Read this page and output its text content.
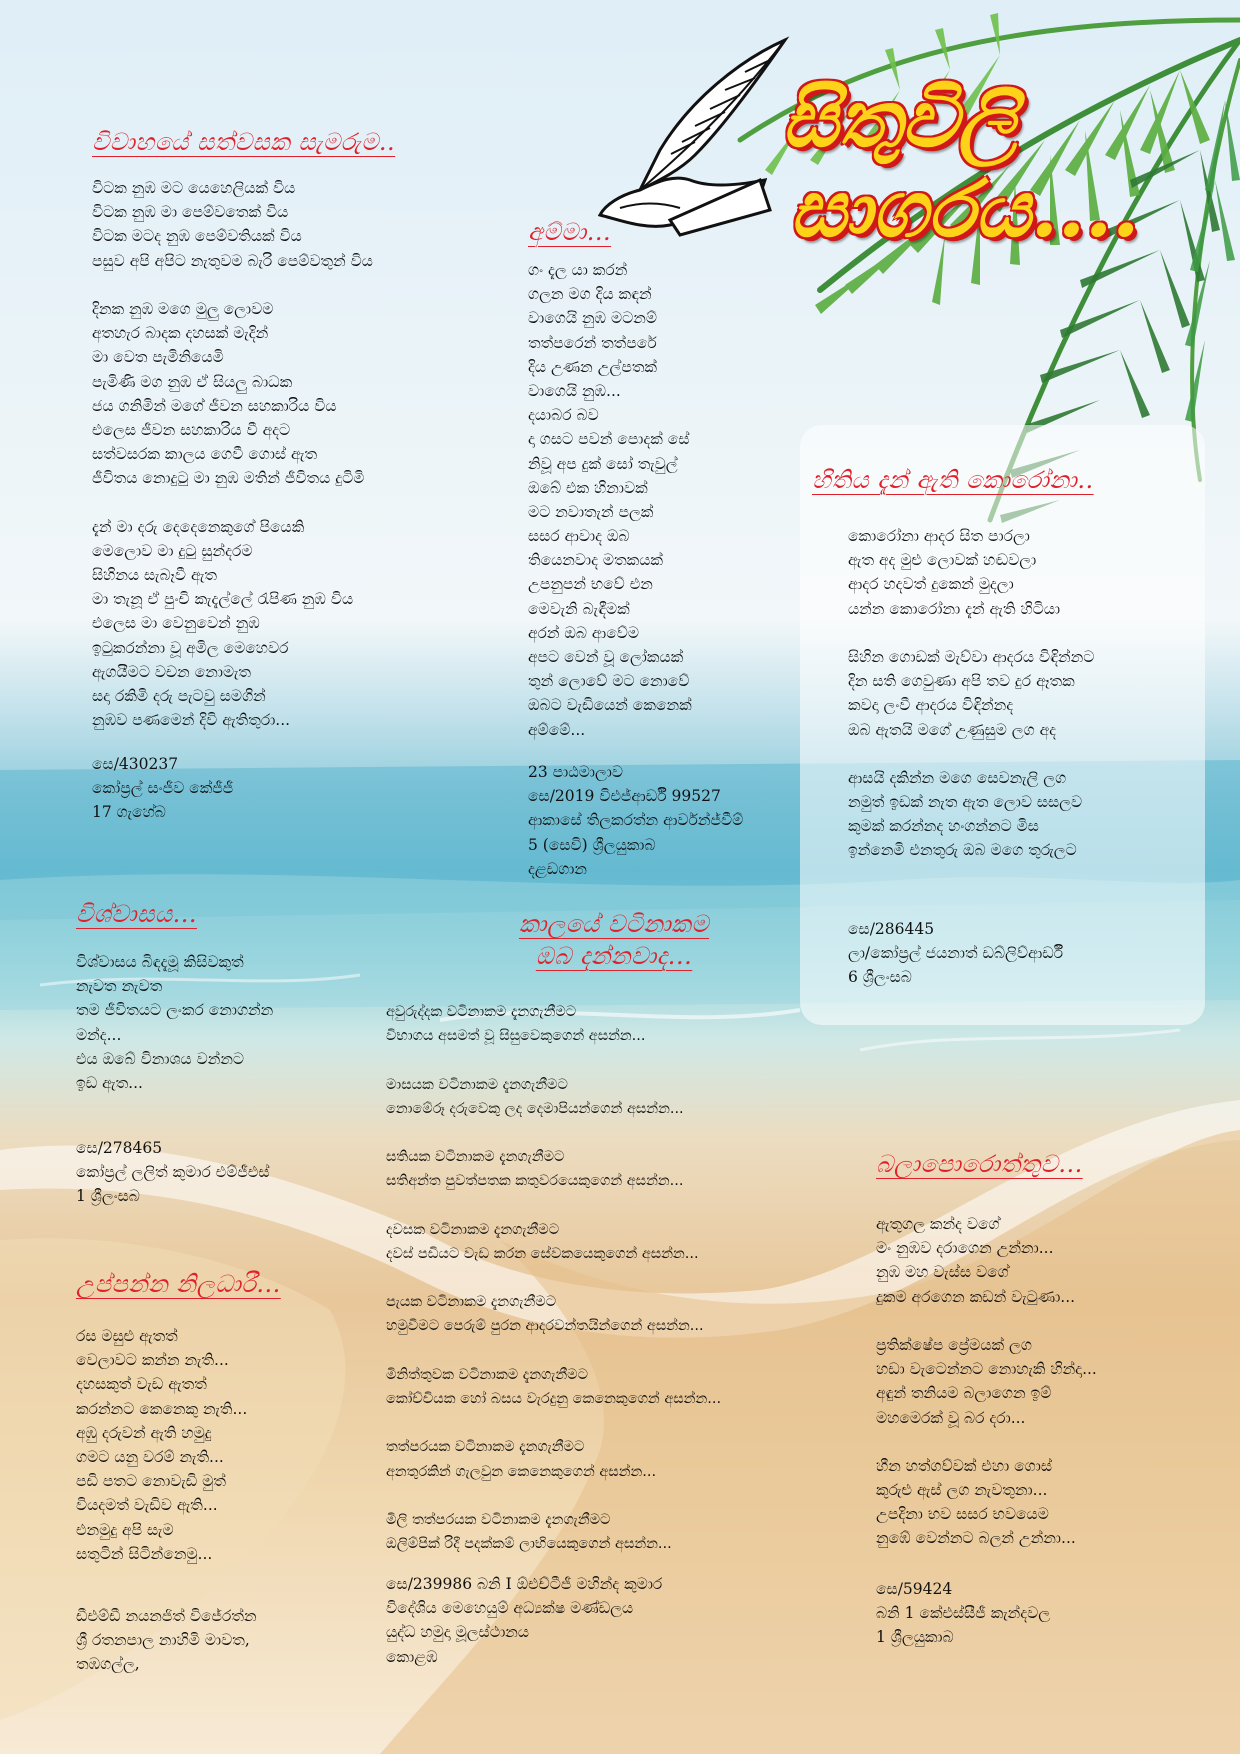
සිතුවිලි
සාගරය....
විවාහයේ සත්වසක සැමරුම..
විටක නුඹ මට යෙහෙලියක් විය
විටක නුඹ මා පෙම්වතෙක් විය
විටක මටද නුඹ පෙම්වතියක් විය
පසුව අපි අපිට නැතුවම බැරි පෙම්වතුන් විය
දිනක නුඹ මගෙ මුලු ලොවම
අතහැර බාදක දහසක් මැදින්
මා වෙත පැමිනියෙමි
පැමිණි මග නුඹ ඒ සියලු බාධක
ජය ගනිමින් මගේ ජීවන සහකාරිය විය
එලෙස ජීවන සහකාරිය වී අදට
සත්වසරක කාලය ගෙවී ගොස් ඇත
ජීවිතය නොදුටු මා නුඹ මතින් ජීවිතය දුටිමි
දැන් මා දරු දෙදෙනෙකුගේ පියෙකි
මෙලොව මා දුටු සුන්දරම
සිහිනය සැබෑවී ඇත
මා තැනූ ඒ පුංචි කැදැල්ලේ රැපිණ නුඹ විය
එලෙස මා වෙනුවෙන් නුඹ
ඉටුකරන්නා වූ අමිල මෙහෙවර
ඇගයීමට වචන නොමැත
සදා රකිමි දරු පැටවු සමගින්
නුඹව පණමෙන් දිවි ඇතිතුරා...
සෙ/430237
කෝප්‍රල් සංජීව කේජීජී
17 ගැහේබ
අම්මා...
ගං දැල යා කරන්
ගලන මග දිය කඳන්
වාගෙයි නුඹ මටනම්
තත්පරෙන් තත්පරේ
දිය උණන උල්පතක්
වාගෙයි නුඹ...
දයාබර බව
දා ගසට පවන් පොදක් සේ
නිවූ අප දුක් සෝ තැවුල්
ඔබේ එක හිනාවක්
මට නවාතැන් පලක්
සසර ආවාද ඔබ
තියෙනවාද මතකයක්
උපනුපන් භවේ එන
මෙවැනි බැඳීමක්
අරන් ඔබ ආවේම
අපට වෙන් වූ ලෝකයක්
තුන් ලොවේ මට නොවේ
ඔබට වැඩියෙන් කෙනෙක්
අම්මේ...
23 පාඨමාලාව
සෙ/2019 විඑජ්ආර්ඩී 99527
ආකාසේ තිලකරත්න ආර්වන්ජ්වීම්
5 (සෙවි) ශ්‍රීලයුකාබ
දළඩගාන
හිතිය දැන් ඇති කොරෝනා..
කොරෝනා ආදර සිත පාරලා
ඇත අද මුළු ලොවක් හඬවලා
ආදර හදවත් දුකෙන් මුදලා
යන්න කොරෝනා දැන් ඇති හිටියා
සිහින ගොඩක් මැව්වා ආදරය විඳින්නට
දින සති ගෙවුණා අපි තව දුර ඈතක
කවදා ලංවී ආදරය විඳින්නද
ඔබ ඇතයි මගේ උණුසුම ලග අද
ආසයි දකින්න මගෙ සෙවනැලි ලග
නමුත් ඉඩක් නැත ඇත ලොව සසලව
කුමක් කරන්නද හංගන්නට මිස
ඉන්නෙමි එනතුරු ඔබ මගෙ තුරුලට
සෙ/286445
ලා/කෝප්‍රල් ජයනාත් ඩබ්ලිව්ආර්ඩී
6 ශ්‍රීලංසබ
විශ්වාසය...
විශ්වාසය බිඳදැමූ කිසිවකුත්
නැවත නැවත
තම ජීවිතයට ලංකර නොගන්න
මන්ද...
එය ඔබේ විනාශය වන්නට
ඉඩ ඇත...
සෙ/278465
කෝප්‍රල් ලලිත් කුමාර එම්ජීඑස්
1 ශ්‍රීලංසබ
කාලයේ වටිනාකම
ඔබ දන්නවාද...
අවුරුද්දක වටිනාකම දැනගැනීමට
විභාගය අසමත් වූ සිසුවෙකුගෙන් අසන්න...
මාසයක වටිනාකම දැනගැනීමට
නොමේරූ දරුවෙකු ලද දෙමාපියන්ගෙන් අසන්න...
සතියක වටිනාකම දැනගැනීමට
සතිඅන්ත පුවත්පතක කතුවරයෙකුගෙන් අසන්න...
දවසක වටිනාකම දැනගැනීමට
දවස් පඩියට වැඩ කරන සේවකයෙකුගෙන් අසන්න...
පැයක වටිනාකම දැනගැනීමට
හමුවීමට පෙරුම් පුරන ආදරවන්තයින්ගෙන් අසන්න...
මිනිත්තුවක වටිනාකම දැනගැනීමට
කෝච්චියක හෝ බසය වැරදුනු කෙනෙකුගෙන් අසන්න...
තත්පරයක වටිනාකම දැනගැනීමට
අනතුරකින් ගැලවුන කෙනෙකුගෙන් අසන්න...
මිලි තත්පරයක වටිනාකම දැනගැනීමට
ඔලිම්පික් රිදී පදක්කම් ලාභියෙකුගෙන් අසන්න...
සෙ/239986 බනි I ඕඑච්ටීජී මහින්ද කුමාර
විදේශිය මෙහෙයුම් අධ්‍යක්ෂ මණ්ඩලය
යුද්ධ හමුදා මූලස්ථානය
කොළඹ
බලාපොරොත්තුව...
ඇතුගල කන්ද වගේ
මං නුඹව දරාගෙන උන්නා...
නුඹ මහ වැස්ස වගේ
දුකම අරගෙන කඩන් වැටුණා...
ප්‍රතික්ෂේප ප්‍රේමයක් ලග
හඩා වැටෙන්නට නොහැකි හින්දා...
අඳුන් තනියම බලාගෙන ඉම්
මහමෙරක් වූ බර දරා...
හීන හත්ගව්වක් එහා ගොස්
කුරුළු ඇස් ලග නැවතුනා...
උපදිනා භව සසර භවයෙම
නුඹේ වෙන්නට බලන් උන්නා...
සෙ/59424
බනි 1 කේඑස්සීජී කැන්දවල
1 ශ්‍රීලයුකාබ
උප්පන්න නිලධාරී...
රස මසුළු ඇතත්
වෙලාවට කන්න නැති...
දහසකුත් වැඩ ඇතත්
කරන්නට කෙනෙකු නැති...
අඹු දරුවන් ඇති හමුදු
ගමට යනු වරම් නැති...
පඩි පතට නොවැඩි මුත්
වියදමත් වැඩිව ඇති...
එනමුදු අපි සැම
සතුටින් සිටින්නෙමු...
ඩීඑම්ඩී නයනජිත් විජේරත්න
ශ්‍රී රතනපාල නාහිමි මාවත,
තඹගල්ල,
